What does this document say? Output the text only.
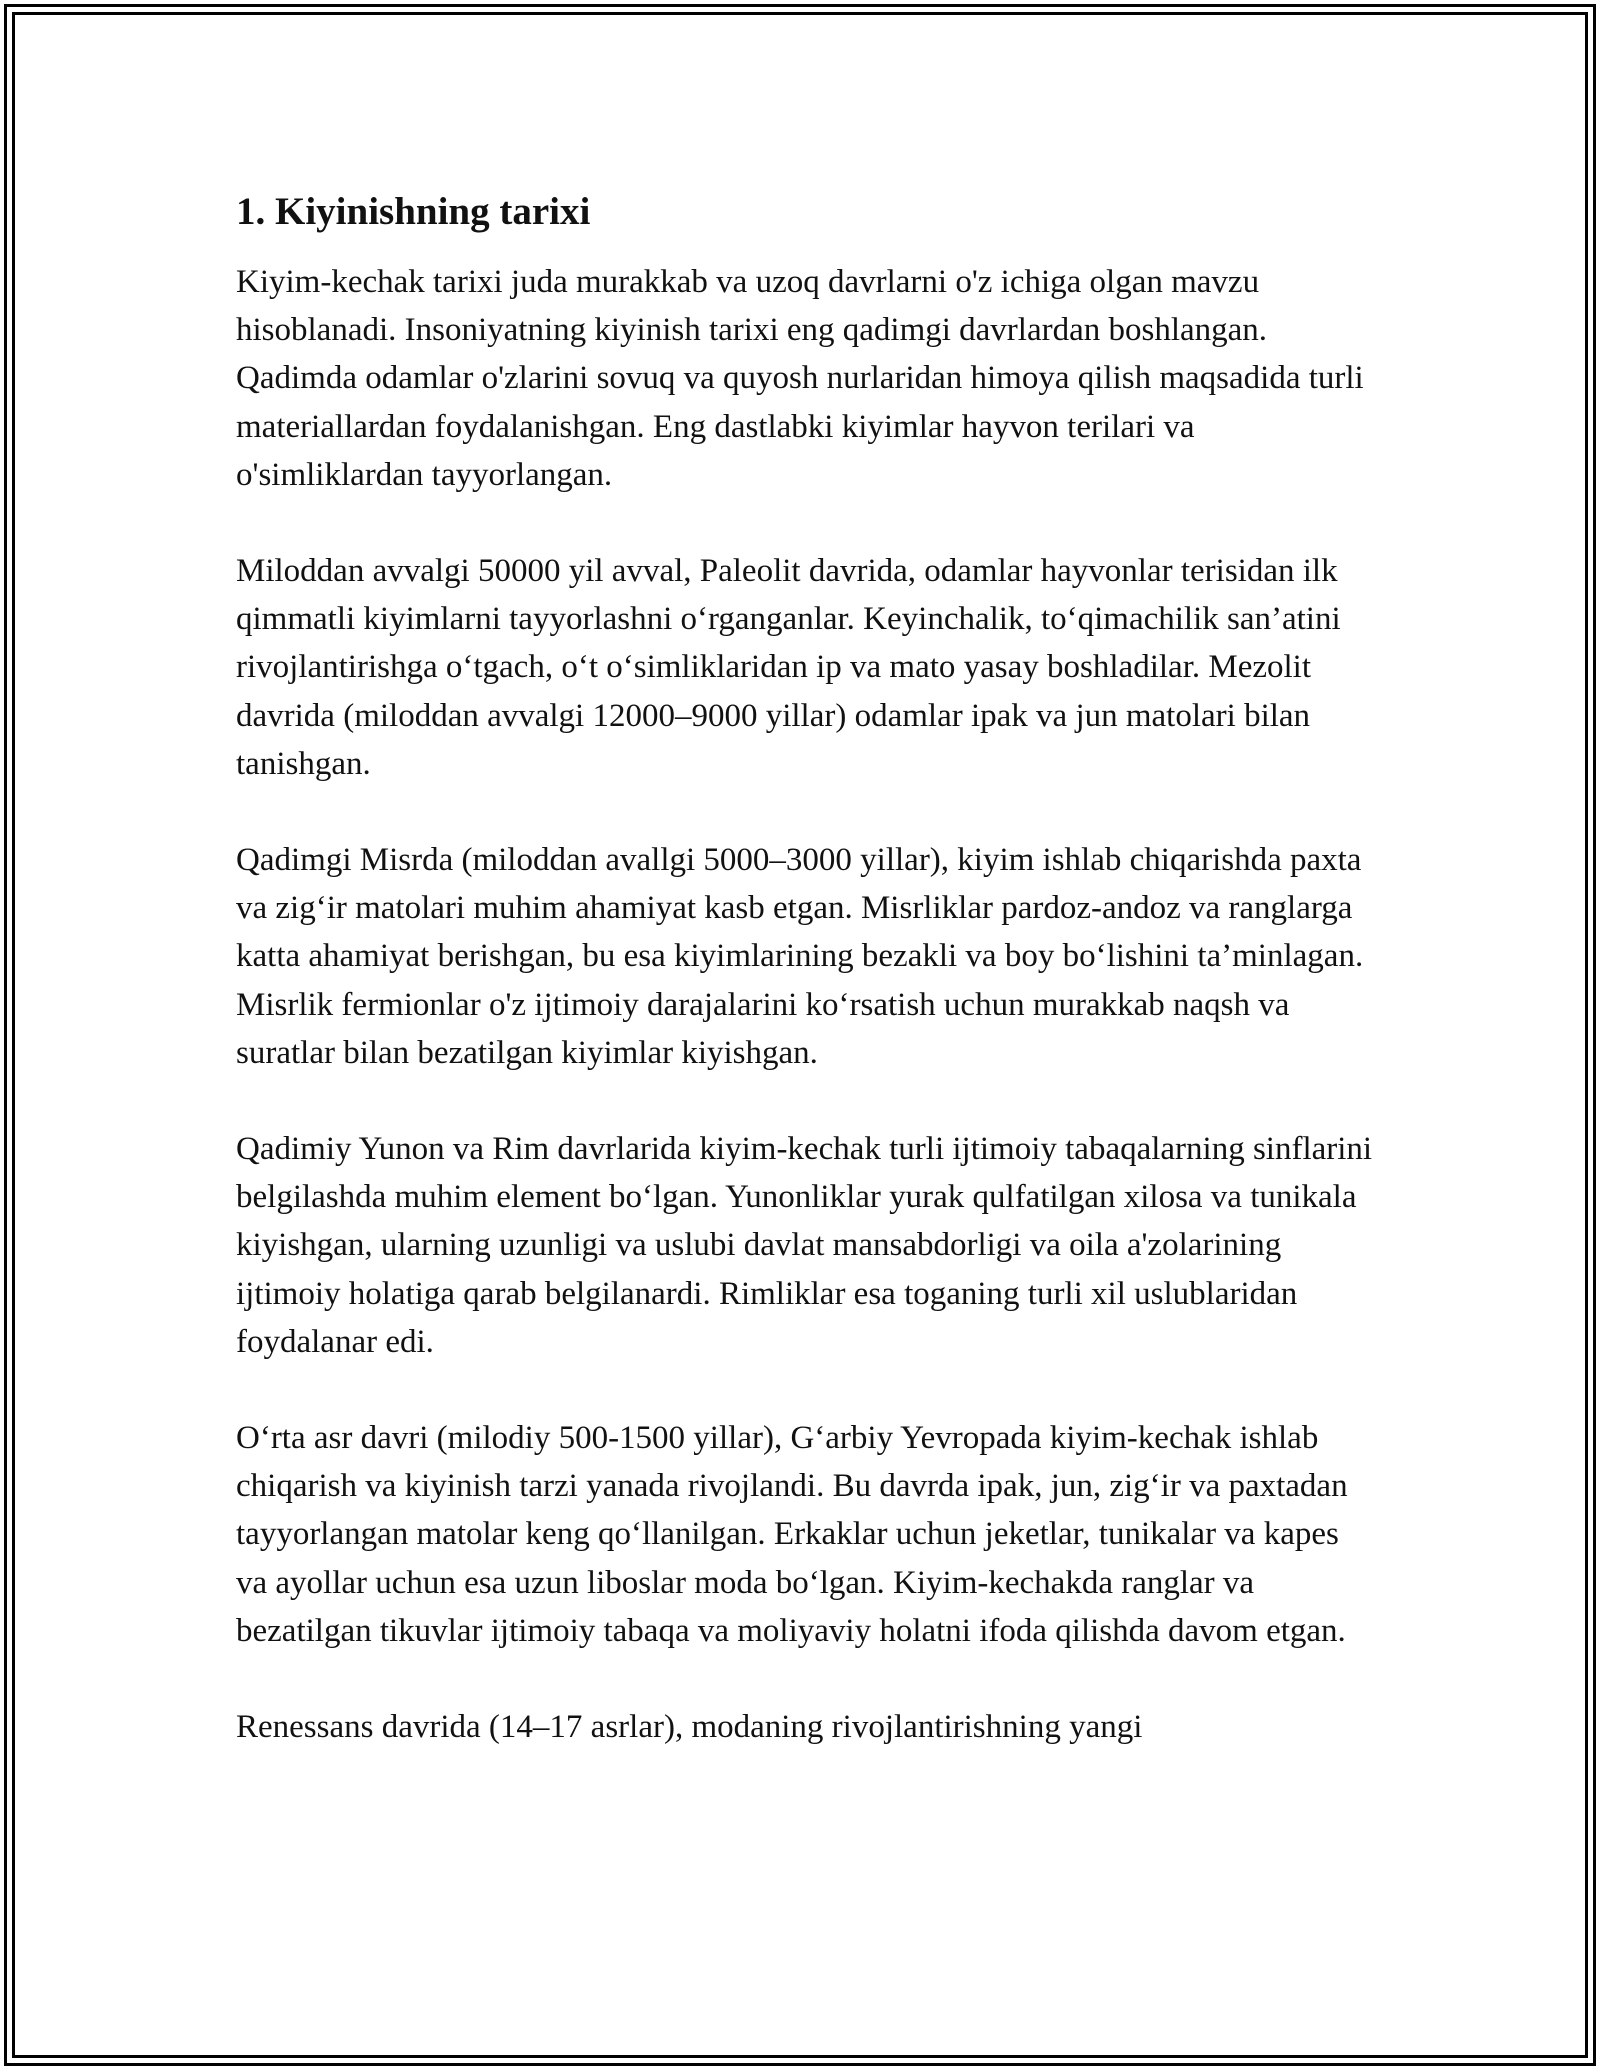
1. Kiyinishning tarixi

Kiyim-kechak tarixi juda murakkab va uzoq davrlarni o'z ichiga olgan mavzu hisoblanadi. Insoniyatning kiyinish tarixi eng qadimgi davrlardan boshlangan. Qadimda odamlar o'zlarini sovuq va quyosh nurlaridan himoya qilish maqsadida turli materiallardan foydalanishgan. Eng dastlabki kiyimlar hayvon terilari va o'simliklardan tayyorlangan.

Miloddan avvalgi 50000 yil avval, Paleolit davrida, odamlar hayvonlar terisidan ilk qimmatli kiyimlarni tayyorlashni oʻrganganlar. Keyinchalik, toʻqimachilik san’atini rivojlantirishga oʻtgach, oʻt oʻsimliklaridan ip va mato yasay boshladilar. Mezolit davrida (miloddan avvalgi 12000–9000 yillar) odamlar ipak va jun matolari bilan tanishgan.

Qadimgi Misrda (miloddan avallgi 5000–3000 yillar), kiyim ishlab chiqarishda paxta va zigʻir matolari muhim ahamiyat kasb etgan. Misrliklar pardoz-andoz va ranglarga katta ahamiyat berishgan, bu esa kiyimlarining bezakli va boy boʻlishini ta’minlagan. Misrlik fermionlar o'z ijtimoiy darajalarini koʻrsatish uchun murakkab naqsh va suratlar bilan bezatilgan kiyimlar kiyishgan.

Qadimiy Yunon va Rim davrlarida kiyim-kechak turli ijtimoiy tabaqalarning sinflarini belgilashda muhim element boʻlgan. Yunonliklar yurak qulfatilgan xilosa va tunikala kiyishgan, ularning uzunligi va uslubi davlat mansabdorligi va oila a'zolarining ijtimoiy holatiga qarab belgilanardi. Rimliklar esa toganing turli xil uslublaridan foydalanar edi.

Oʻrta asr davri (milodiy 500-1500 yillar), Gʻarbiy Yevropada kiyim-kechak ishlab chiqarish va kiyinish tarzi yanada rivojlandi. Bu davrda ipak, jun, zigʻir va paxtadan tayyorlangan matolar keng qoʻllanilgan. Erkaklar uchun jeketlar, tunikalar va kapes va ayollar uchun esa uzun liboslar moda boʻlgan. Kiyim-kechakda ranglar va bezatilgan tikuvlar ijtimoiy tabaqa va moliyaviy holatni ifoda qilishda davom etgan.

Renessans davrida (14–17 asrlar), modaning rivojlantirishning yangi
